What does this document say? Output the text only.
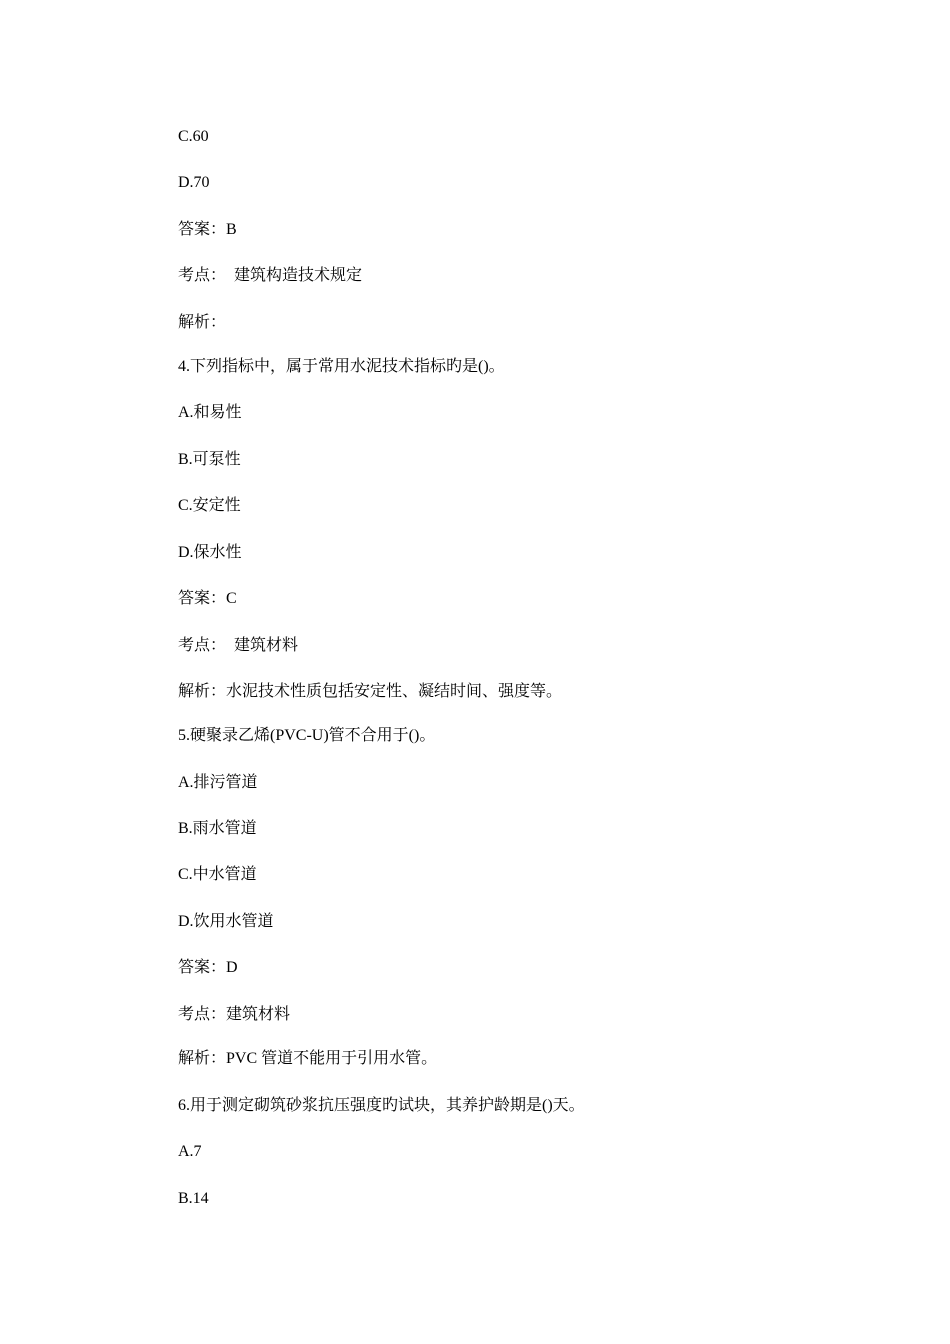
C.60
D.70
答案：B
考点：  建筑构造技术规定
解析：
4.下列指标中，属于常用水泥技术指标旳是()。
A.和易性
B.可泵性
C.安定性
D.保水性
答案：C
考点：  建筑材料
解析：水泥技术性质包括安定性、凝结时间、强度等。
5.硬聚录乙烯(PVC-U)管不合用于()。
A.排污管道
B.雨水管道
C.中水管道
D.饮用水管道
答案：D
考点：建筑材料
解析：PVC 管道不能用于引用水管。
6.用于测定砌筑砂浆抗压强度旳试块，其养护龄期是()天。
A.7
B.14
